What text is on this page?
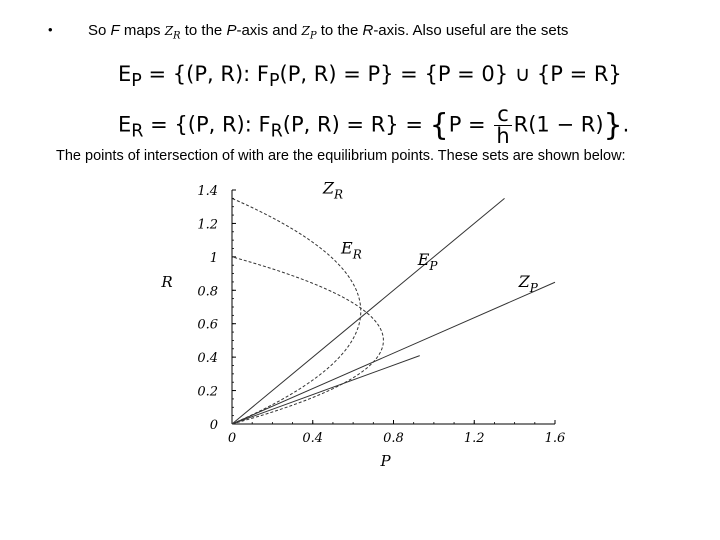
• So F maps $Z_R$ to the P-axis and $Z_P$ to the R-axis. Also useful are the sets
$E_P = \{(P$, R): $F_P(P$, R) = P} = {P = 0} ∪ {P = R}
$E_R = \{(P$, R): $F_R(P$, $R) = R\} = \{P = \frac{c}{h} R(1 - R)\}$.
The points of intersection of with are the equilibrium points. These sets are shown below:
0	0.4	0.8	1.2	1.6
0
0.2
0.4
0.6
0.8
1
1.2
1.4
P
R
$Z_R$
$E_R$	$E_P$
$Z_P$
